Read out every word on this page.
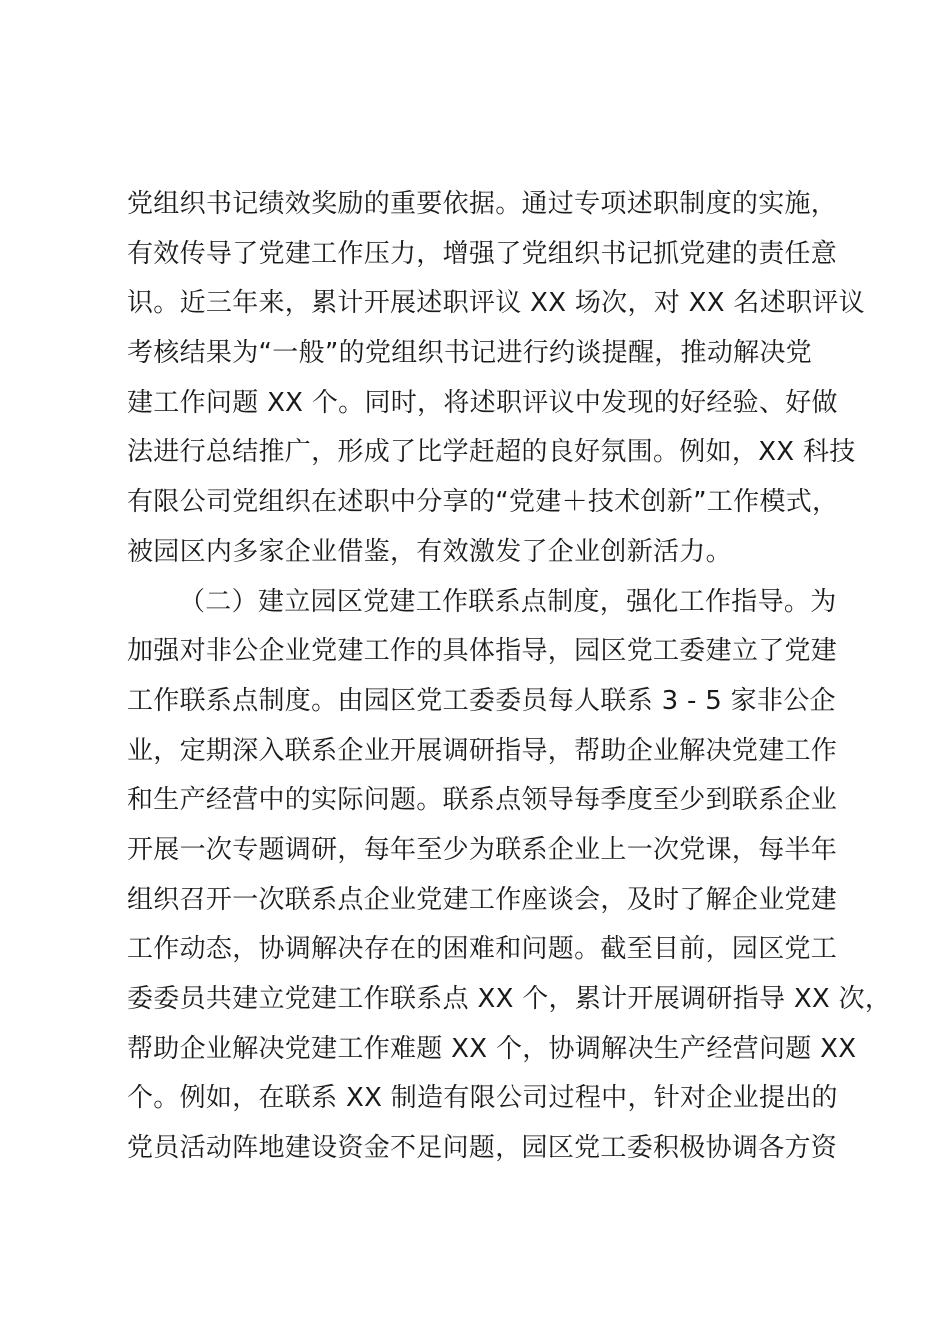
党组织书记绩效奖励的重要依据。通过专项述职制度的实施，
有效传导了党建工作压力，增强了党组织书记抓党建的责任意
识。近三年来，累计开展述职评议 XX 场次，对 XX 名述职评议
考核结果为“一般”的党组织书记进行约谈提醒，推动解决党
建工作问题 XX 个。同时，将述职评议中发现的好经验、好做
法进行总结推广，形成了比学赶超的良好氛围。例如，XX 科技
有限公司党组织在述职中分享的“党建＋技术创新”工作模式，
被园区内多家企业借鉴，有效激发了企业创新活力。
（二）建立园区党建工作联系点制度，强化工作指导。为
加强对非公企业党建工作的具体指导，园区党工委建立了党建
工作联系点制度。由园区党工委委员每人联系 3 - 5 家非公企
业，定期深入联系企业开展调研指导，帮助企业解决党建工作
和生产经营中的实际问题。联系点领导每季度至少到联系企业
开展一次专题调研，每年至少为联系企业上一次党课，每半年
组织召开一次联系点企业党建工作座谈会，及时了解企业党建
工作动态，协调解决存在的困难和问题。截至目前，园区党工
委委员共建立党建工作联系点 XX 个，累计开展调研指导 XX 次，
帮助企业解决党建工作难题 XX 个，协调解决生产经营问题 XX
个。例如，在联系 XX 制造有限公司过程中，针对企业提出的
党员活动阵地建设资金不足问题，园区党工委积极协调各方资
